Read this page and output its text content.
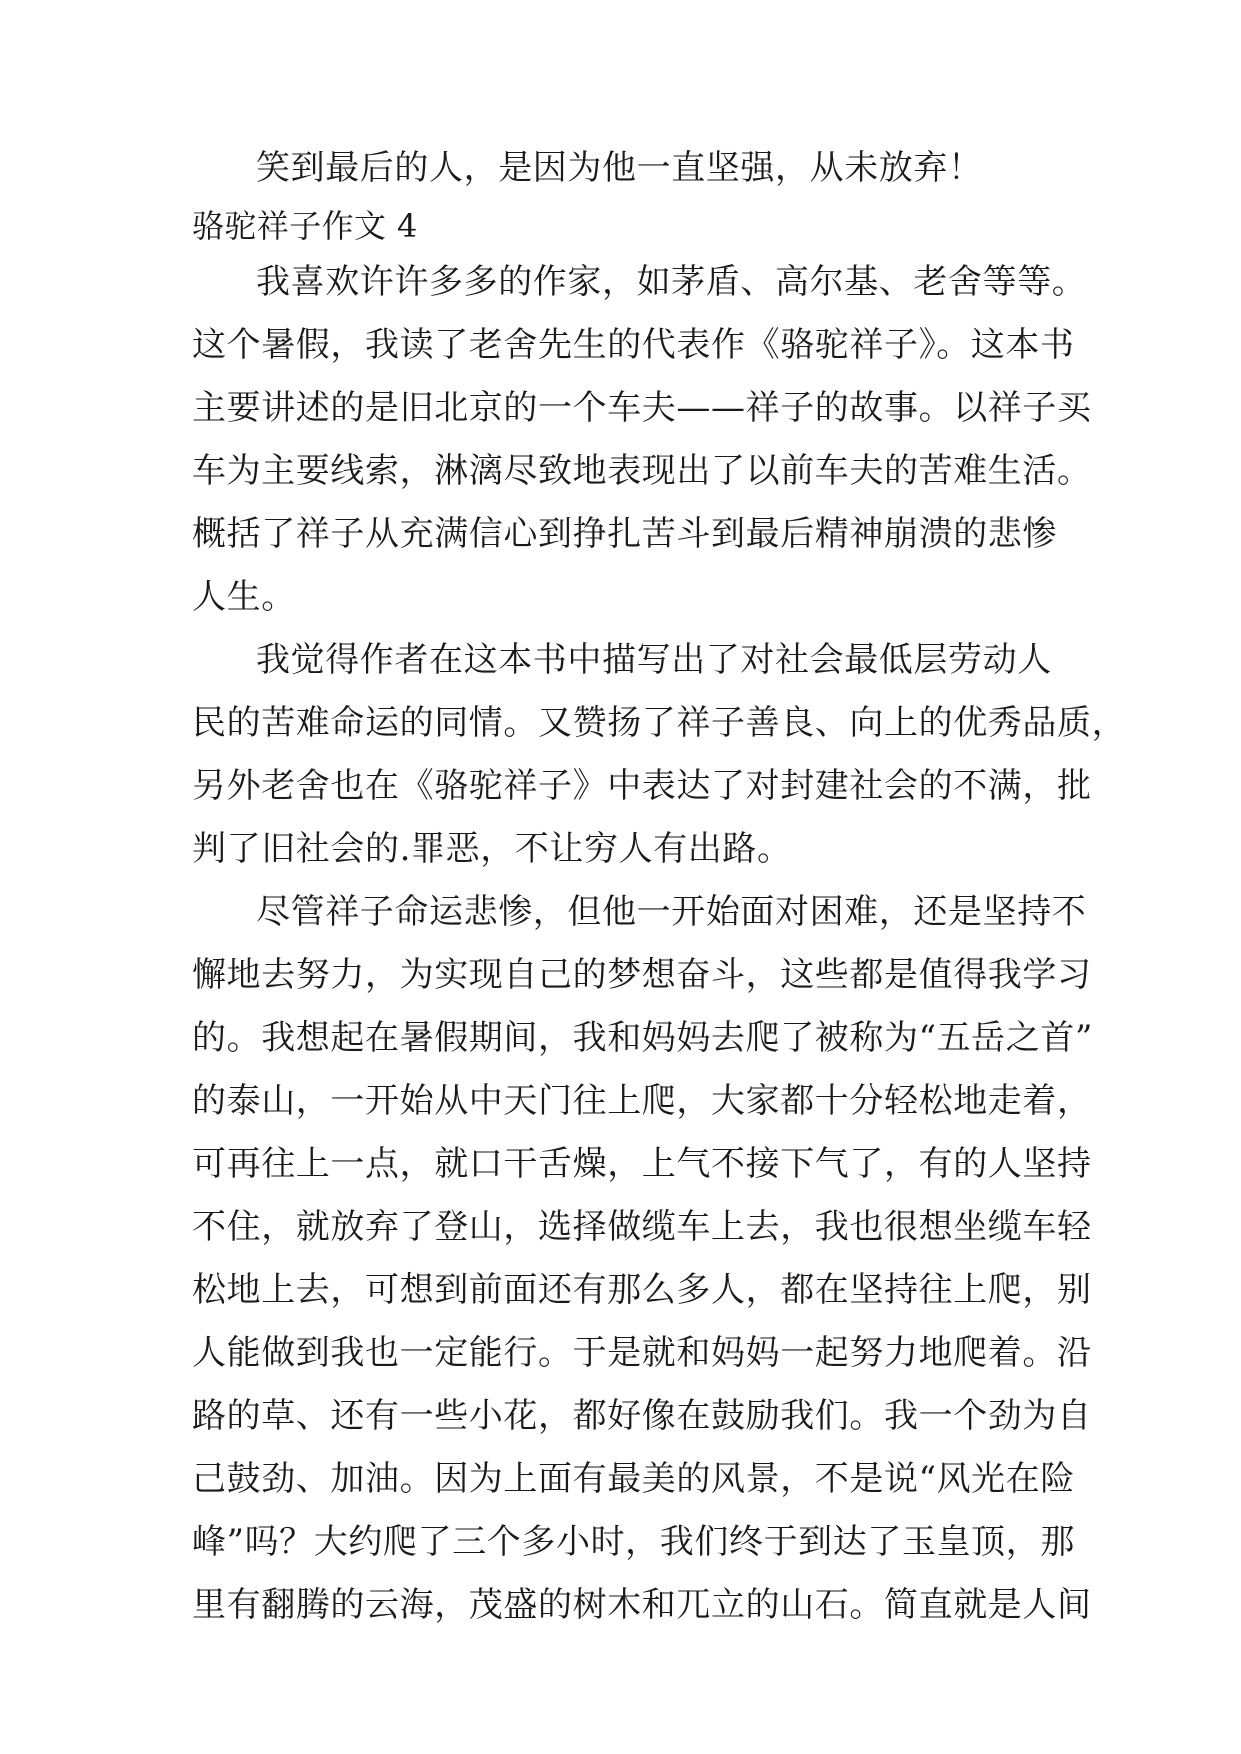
笑到最后的人，是因为他一直坚强，从未放弃！
骆驼祥子作文 4
我喜欢许许多多的作家，如茅盾、高尔基、老舍等等。
这个暑假，我读了老舍先生的代表作《骆驼祥子》。这本书
主要讲述的是旧北京的一个车夫——祥子的故事。以祥子买
车为主要线索，淋漓尽致地表现出了以前车夫的苦难生活。
概括了祥子从充满信心到挣扎苦斗到最后精神崩溃的悲惨
人生。
我觉得作者在这本书中描写出了对社会最低层劳动人
民的苦难命运的同情。又赞扬了祥子善良、向上的优秀品质，
另外老舍也在《骆驼祥子》中表达了对封建社会的不满，批
判了旧社会的.罪恶，不让穷人有出路。
尽管祥子命运悲惨，但他一开始面对困难，还是坚持不
懈地去努力，为实现自己的梦想奋斗，这些都是值得我学习
的。我想起在暑假期间，我和妈妈去爬了被称为“五岳之首”
的泰山，一开始从中天门往上爬，大家都十分轻松地走着，
可再往上一点，就口干舌燥，上气不接下气了，有的人坚持
不住，就放弃了登山，选择做缆车上去，我也很想坐缆车轻
松地上去，可想到前面还有那么多人，都在坚持往上爬，别
人能做到我也一定能行。于是就和妈妈一起努力地爬着。沿
路的草、还有一些小花，都好像在鼓励我们。我一个劲为自
己鼓劲、加油。因为上面有最美的风景，不是说“风光在险
峰”吗？大约爬了三个多小时，我们终于到达了玉皇顶，那
里有翻腾的云海，茂盛的树木和兀立的山石。简直就是人间
